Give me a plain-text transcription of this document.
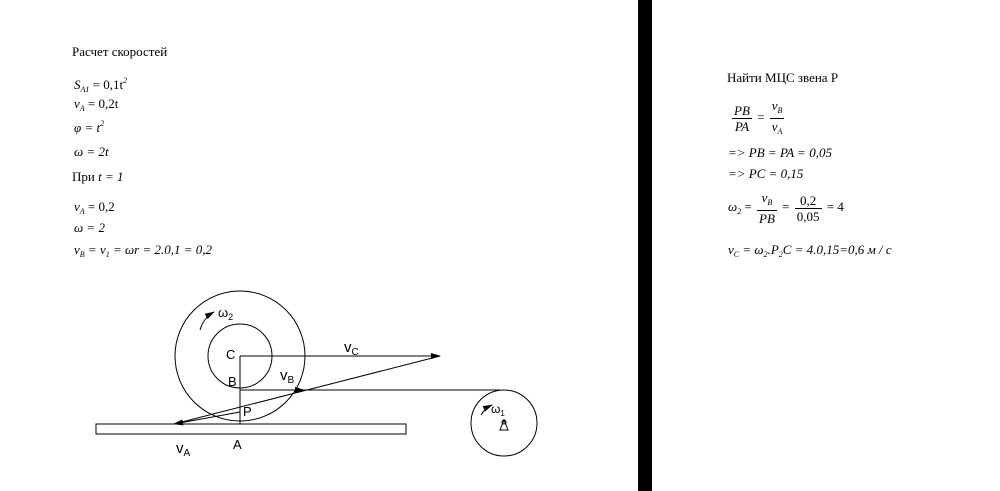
Расчет скоростей
$S_{A1} = 0,1t^2$
$v_A = 0,2t$
$\varphi = t^2$
ω = 2t
При t = 1
$v_A = 0,2$
ω = 2
$v_B = v_1 = \omega r = 2.0,1 = 0,2$
$\omega_2$
C	$v_C$
B	$v_B$
P
A
$v_A$
$\omega_1$
Найти МЦС звена Р
$\frac{PB}{PA} = \frac{v_B}{v_A}$
=> PB = PA = 0,05
=> PC = 0,15
$\omega_2 = \frac{v_B}{PB} = \frac{0,2}{0,05} = 4$
$v_C = \omega_2.P_2C = 4.0,15=0,6$ м / с
